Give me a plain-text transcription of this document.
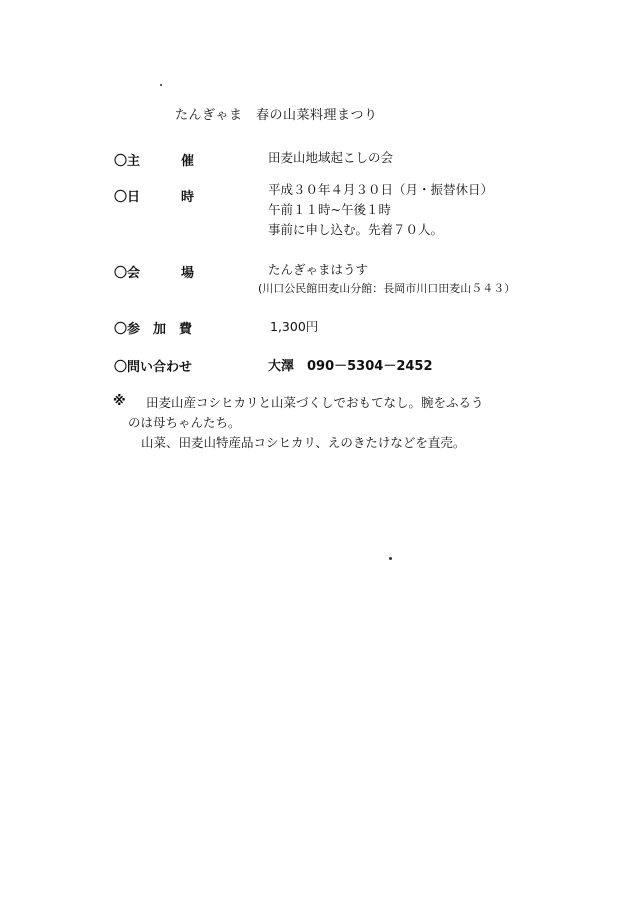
たんぎゃま　春の山菜料理まつり
〇主	催	田麦山地域起こしの会
〇日	時
平成３０年４月３０日（月・振替休日）
午前１１時~午後１時
事前に申し込む。先着７０人。
〇会	場	たんぎゃまはうす
(川口公民館田麦山分館：長岡市川口田麦山５４３）
〇参　加　費	1,300円
〇問い合わせ	大澤　090－5304－2452
※ 田麦山産コシヒカリと山菜づくしでおもてなし。腕をふるう
のは母ちゃんたち。
山菜、田麦山特産品コシヒカリ、えのきたけなどを直売。
